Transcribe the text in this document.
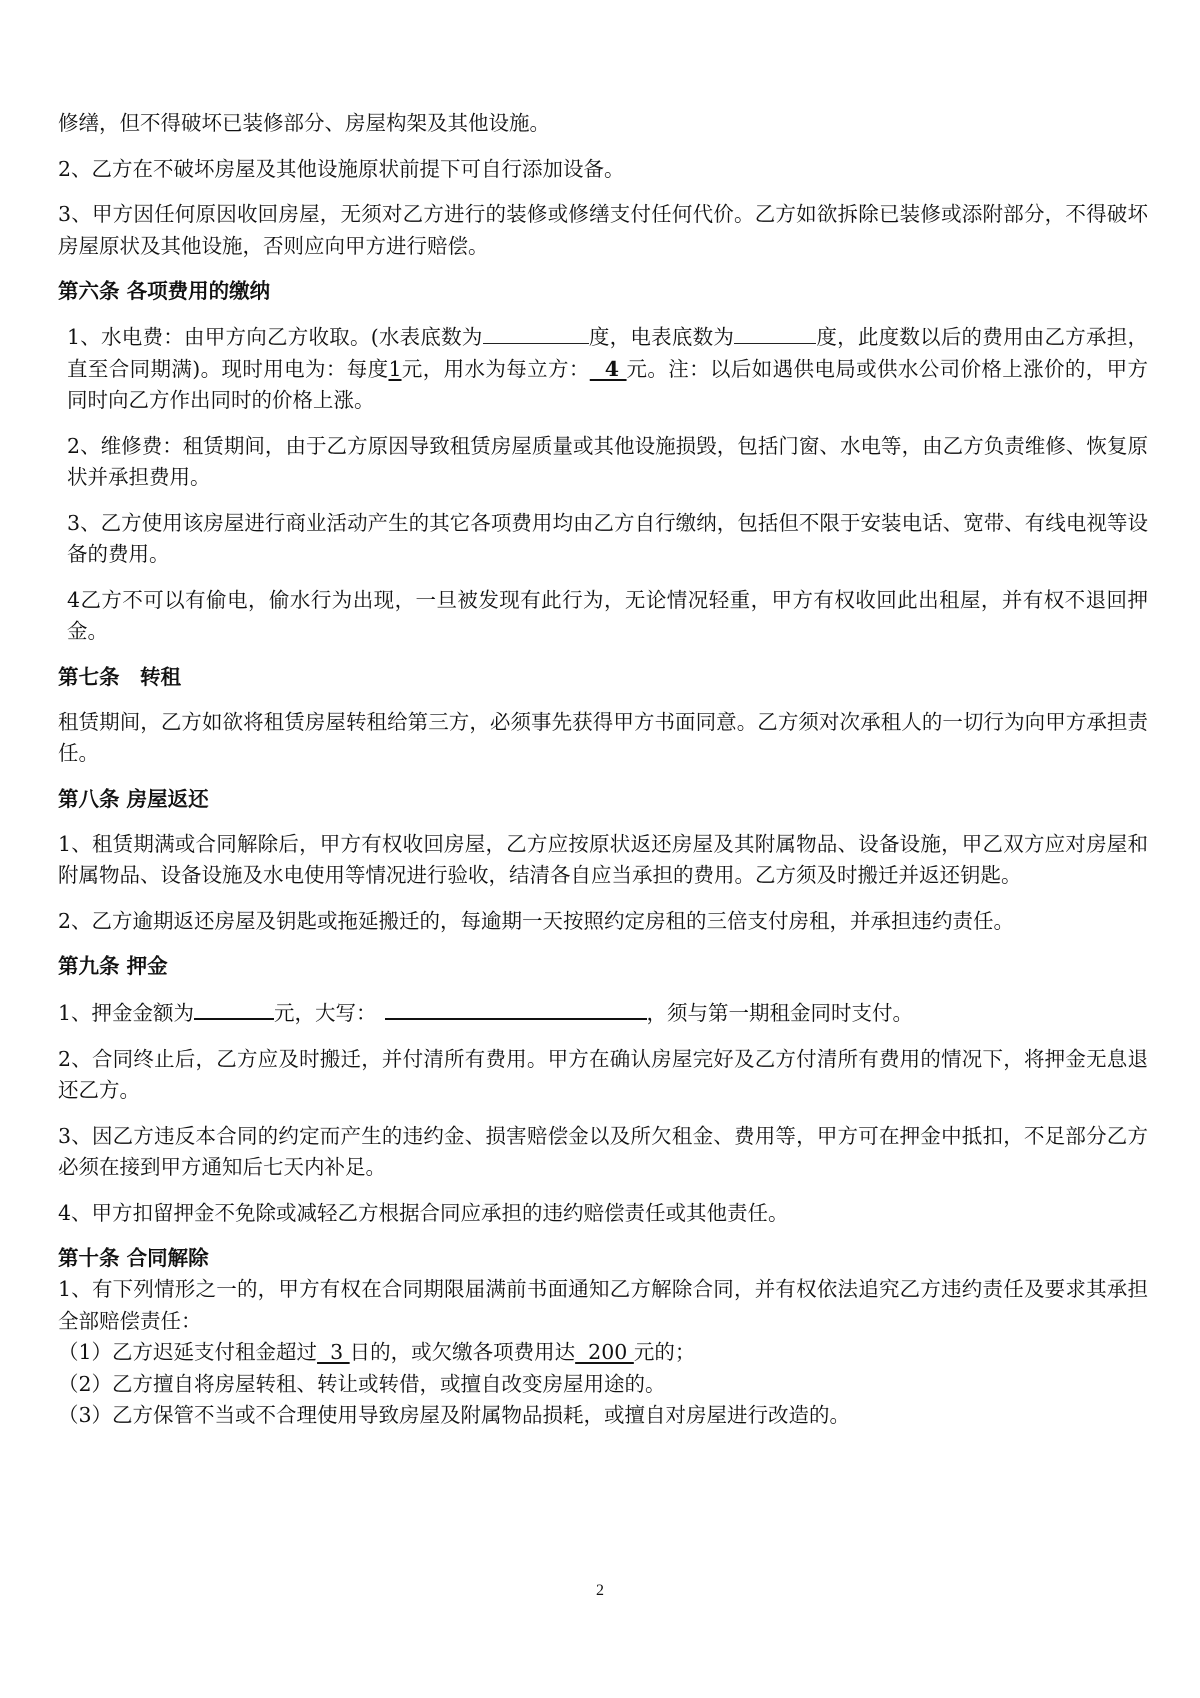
修缮，但不得破坏已装修部分、房屋构架及其他设施。

2、乙方在不破坏房屋及其他设施原状前提下可自行添加设备。

3、甲方因任何原因收回房屋，无须对乙方进行的装修或修缮支付任何代价。乙方如欲拆除已装修或添附部分，不得破坏房屋原状及其他设施，否则应向甲方进行赔偿。

第六条 各项费用的缴纳

1、水电费：由甲方向乙方收取。(水表底数为	度，电表底数为	度，此度数以后的费用由乙方承担，直至合同期满)。现时用电为：每度1元，用水为每立方：  4 元。注：以后如遇供电局或供水公司价格上涨价的，甲方同时向乙方作出同时的价格上涨。

2、维修费：租赁期间，由于乙方原因导致租赁房屋质量或其他设施损毁，包括门窗、水电等，由乙方负责维修、恢复原状并承担费用。

3、乙方使用该房屋进行商业活动产生的其它各项费用均由乙方自行缴纳，包括但不限于安装电话、宽带、有线电视等设备的费用。

4乙方不可以有偷电，偷水行为出现，一旦被发现有此行为，无论情况轻重，甲方有权收回此出租屋，并有权不退回押金。

第七条　转租

租赁期间，乙方如欲将租赁房屋转租给第三方，必须事先获得甲方书面同意。乙方须对次承租人的一切行为向甲方承担责任。

第八条 房屋返还

1、租赁期满或合同解除后，甲方有权收回房屋，乙方应按原状返还房屋及其附属物品、设备设施，甲乙双方应对房屋和附属物品、设备设施及水电使用等情况进行验收，结清各自应当承担的费用。乙方须及时搬迁并返还钥匙。

2、乙方逾期返还房屋及钥匙或拖延搬迁的，每逾期一天按照约定房租的三倍支付房租，并承担违约责任。

第九条 押金

1、押金金额为	元，大写：	，须与第一期租金同时支付。

2、合同终止后，乙方应及时搬迁，并付清所有费用。甲方在确认房屋完好及乙方付清所有费用的情况下，将押金无息退还乙方。

3、因乙方违反本合同的约定而产生的违约金、损害赔偿金以及所欠租金、费用等，甲方可在押金中抵扣，不足部分乙方必须在接到甲方通知后七天内补足。

4、甲方扣留押金不免除或减轻乙方根据合同应承担的违约赔偿责任或其他责任。

第十条 合同解除

1、有下列情形之一的，甲方有权在合同期限届满前书面通知乙方解除合同，并有权依法追究乙方违约责任及要求其承担全部赔偿责任：

（1）乙方迟延支付租金超过  3 日的，或欠缴各项费用达  200 元的；

（2）乙方擅自将房屋转租、转让或转借，或擅自改变房屋用途的。

（3）乙方保管不当或不合理使用导致房屋及附属物品损耗，或擅自对房屋进行改造的。

2
